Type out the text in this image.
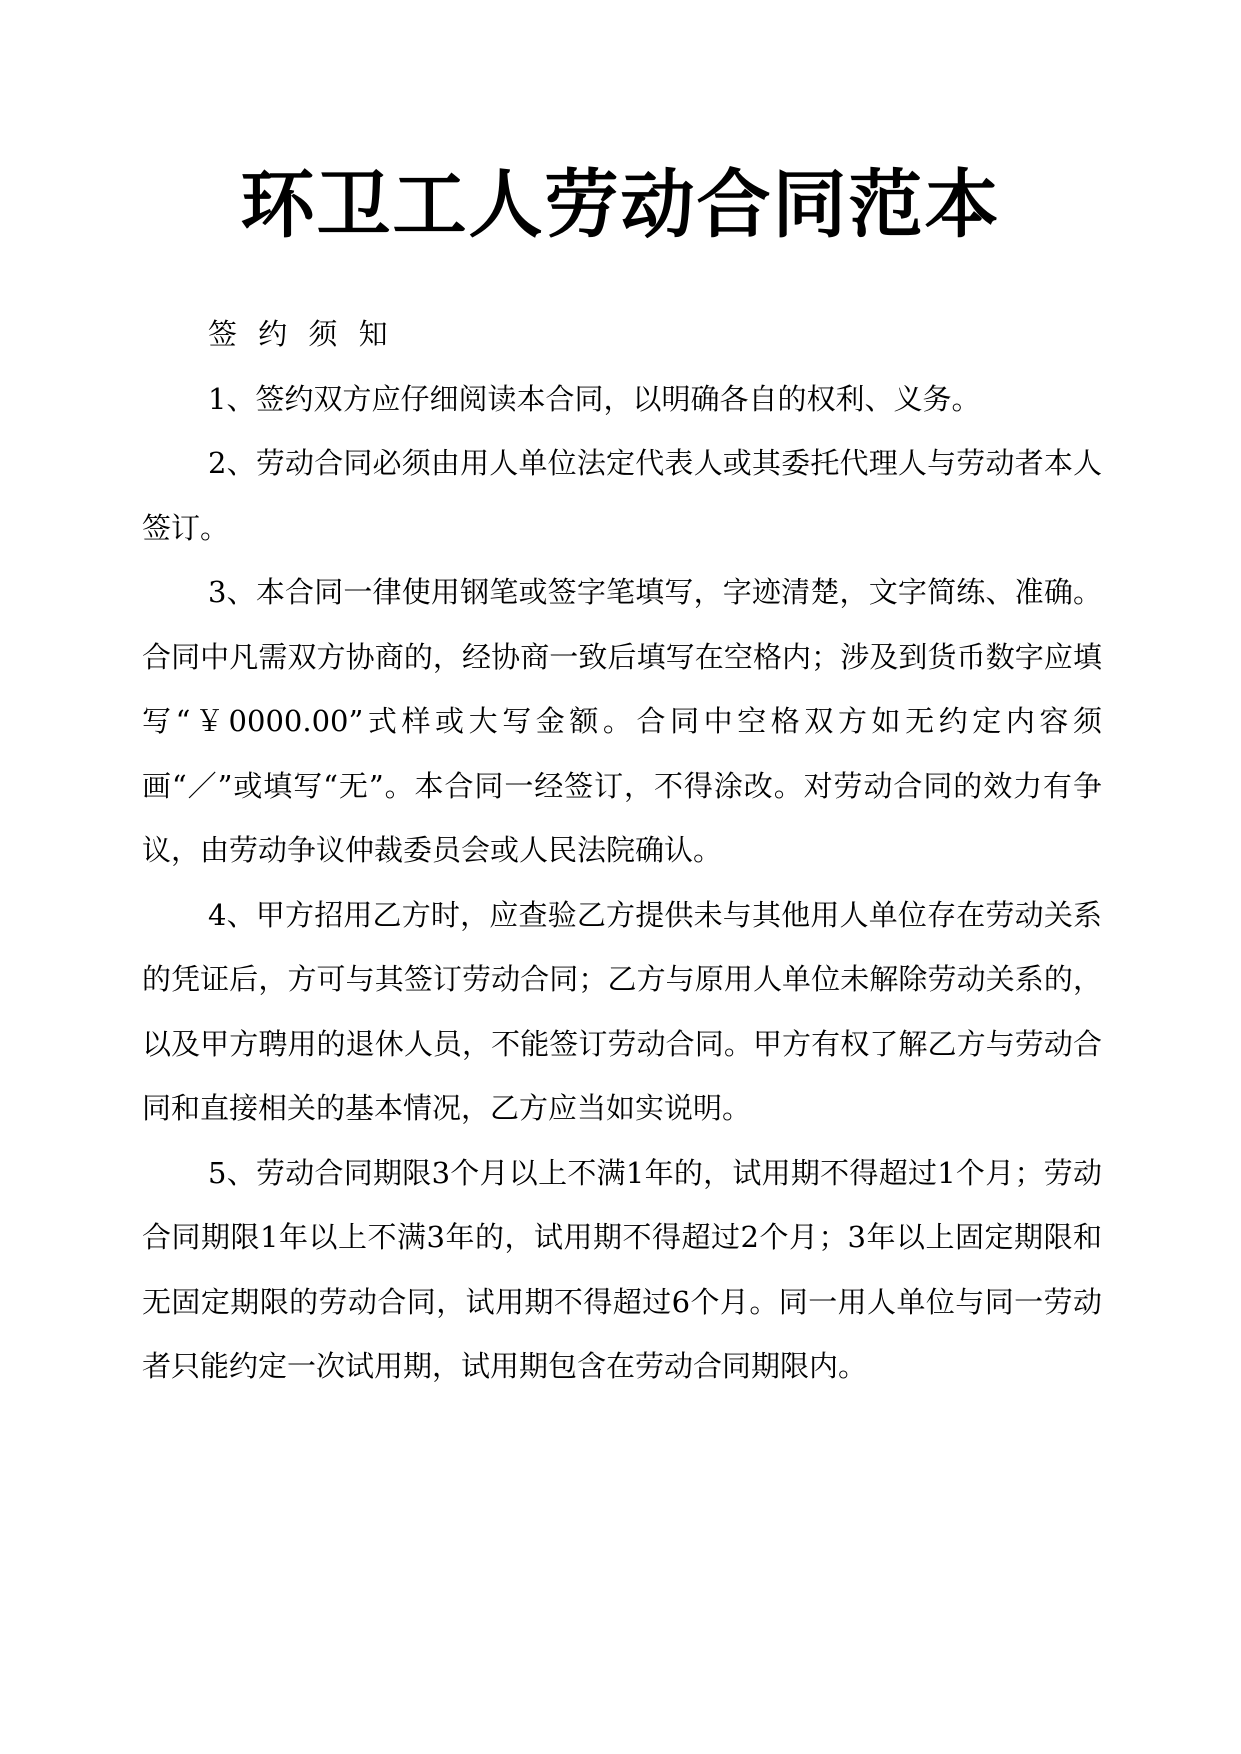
环卫工人劳动合同范本

签 约 须 知

1、签约双方应仔细阅读本合同，以明确各自的权利、义务。

2、劳动合同必须由用人单位法定代表人或其委托代理人与劳动者本人签订。

3、本合同一律使用钢笔或签字笔填写，字迹清楚，文字简练、准确。合同中凡需双方协商的，经协商一致后填写在空格内；涉及到货币数字应填写“￥0000.00”式样或大写金额。合同中空格双方如无约定内容须画“／”或填写“无”。本合同一经签订，不得涂改。对劳动合同的效力有争议，由劳动争议仲裁委员会或人民法院确认。

4、甲方招用乙方时，应查验乙方提供未与其他用人单位存在劳动关系的凭证后，方可与其签订劳动合同；乙方与原用人单位未解除劳动关系的，以及甲方聘用的退休人员，不能签订劳动合同。甲方有权了解乙方与劳动合同和直接相关的基本情况，乙方应当如实说明。

5、劳动合同期限3个月以上不满1年的，试用期不得超过1个月；劳动合同期限1年以上不满3年的，试用期不得超过2个月；3年以上固定期限和无固定期限的劳动合同，试用期不得超过6个月。同一用人单位与同一劳动者只能约定一次试用期，试用期包含在劳动合同期限内。
